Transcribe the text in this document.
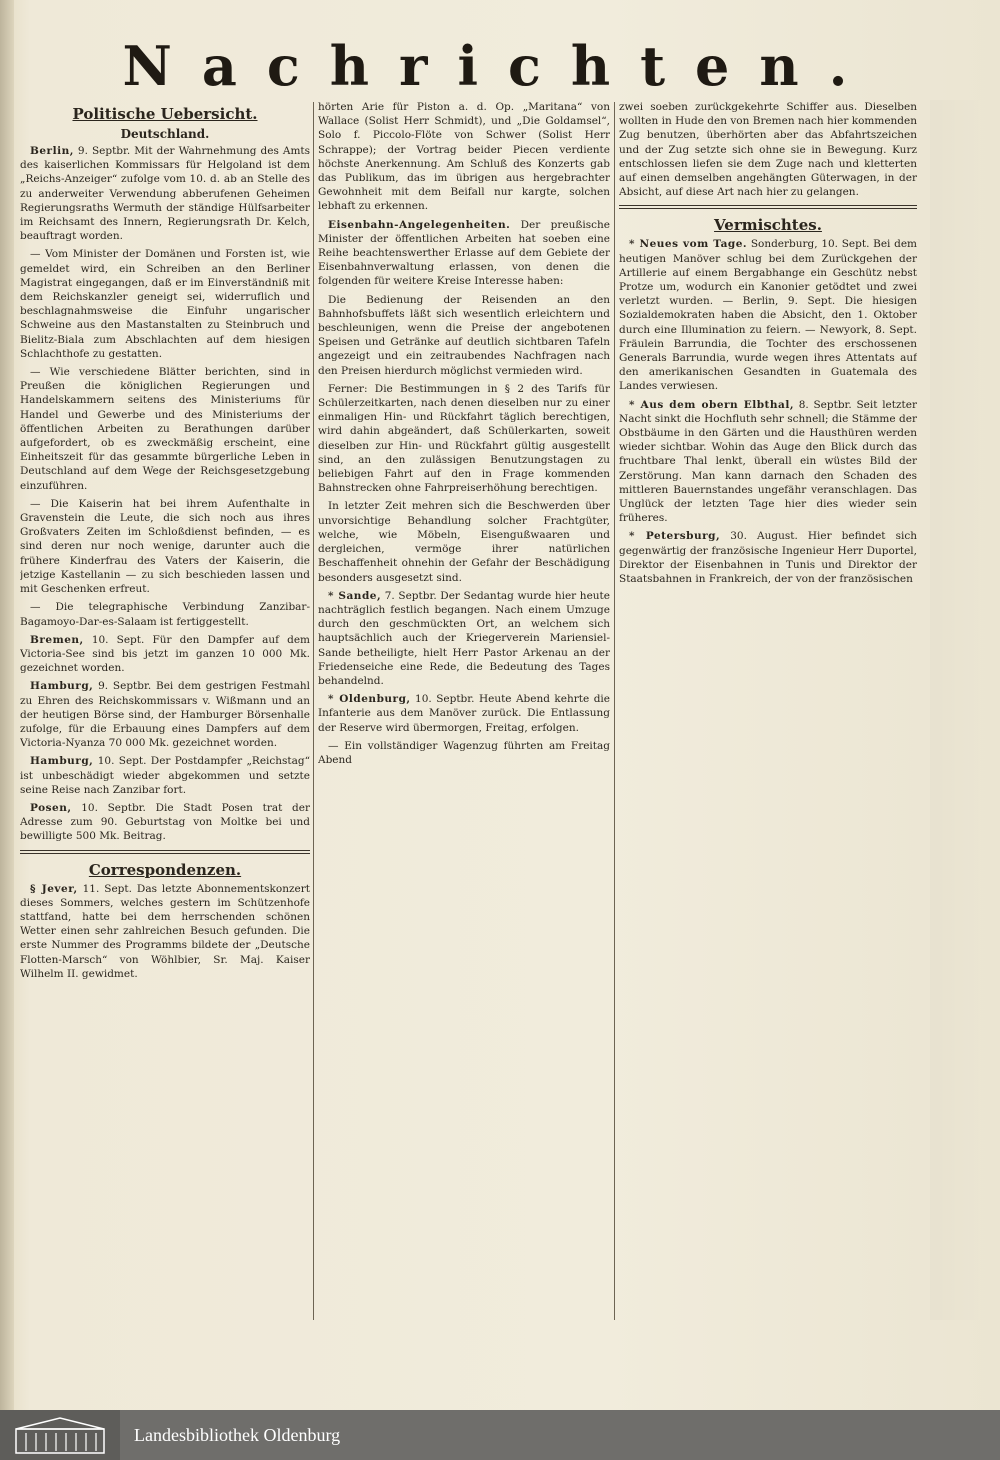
Nachrichten.
Politische Uebersicht.
Deutschland.
Berlin, 9. Septbr. Mit der Wahrnehmung des Amts des kaiserlichen Kommissars für Helgoland ist dem „Reichs-Anzeiger“ zufolge vom 10. d. ab an Stelle des zu anderweiter Verwendung abberufenen Geheimen Regierungsraths Wermuth der ständige Hülfsarbeiter im Reichsamt des Innern, Regierungsrath Dr. Kelch, beauftragt worden.
— Vom Minister der Domänen und Forsten ist, wie gemeldet wird, ein Schreiben an den Berliner Magistrat eingegangen, daß er im Einverständniß mit dem Reichskanzler geneigt sei, widerruflich und beschlagnahmsweise die Einfuhr ungarischer Schweine aus den Mastanstalten zu Steinbruch und Bielitz-Biala zum Abschlachten auf dem hiesigen Schlachthofe zu gestatten.
— Wie verschiedene Blätter berichten, sind in Preußen die königlichen Regierungen und Handelskammern seitens des Ministeriums für Handel und Gewerbe und des Ministeriums der öffentlichen Arbeiten zu Berathungen darüber aufgefordert, ob es zweckmäßig erscheint, eine Einheitszeit für das gesammte bürgerliche Leben in Deutschland auf dem Wege der Reichsgesetzgebung einzuführen.
— Die Kaiserin hat bei ihrem Aufenthalte in Gravenstein die Leute, die sich noch aus ihres Großvaters Zeiten im Schloßdienst befinden, — es sind deren nur noch wenige, darunter auch die frühere Kinderfrau des Vaters der Kaiserin, die jetzige Kastellanin — zu sich beschieden lassen und mit Geschenken erfreut.
— Die telegraphische Verbindung Zanzibar-Bagamoyo-Dar-es-Salaam ist fertiggestellt.
Bremen, 10. Sept. Für den Dampfer auf dem Victoria-See sind bis jetzt im ganzen 10 000 Mk. gezeichnet worden.
Hamburg, 9. Septbr. Bei dem gestrigen Festmahl zu Ehren des Reichskommissars v. Wißmann und an der heutigen Börse sind, der Hamburger Börsenhalle zufolge, für die Erbauung eines Dampfers auf dem Victoria-Nyanza 70 000 Mk. gezeichnet worden.
Hamburg, 10. Sept. Der Postdampfer „Reichstag“ ist unbeschädigt wieder abgekommen und setzte seine Reise nach Zanzibar fort.
Posen, 10. Septbr. Die Stadt Posen trat der Adresse zum 90. Geburtstag von Moltke bei und bewilligte 500 Mk. Beitrag.
Correspondenzen.
§ Jever, 11. Sept. Das letzte Abonnementskonzert dieses Sommers, welches gestern im Schützenhofe stattfand, hatte bei dem herrschenden schönen Wetter einen sehr zahlreichen Besuch gefunden. Die erste Nummer des Programms bildete der „Deutsche Flotten-Marsch“ von Wöhlbier, Sr. Maj. Kaiser Wilhelm II. gewidmet.
hörten Arie für Piston a. d. Op. „Maritana“ von Wallace (Solist Herr Schmidt), und „Die Goldamsel“, Solo f. Piccolo-Flöte von Schwer (Solist Herr Schrappe); der Vortrag beider Piecen verdiente höchste Anerkennung. Am Schluß des Konzerts gab das Publikum, das im übrigen aus hergebrachter Gewohnheit mit dem Beifall nur kargte, solchen lebhaft zu erkennen.
Eisenbahn-Angelegenheiten. Der preußische Minister der öffentlichen Arbeiten hat soeben eine Reihe beachtenswerther Erlasse auf dem Gebiete der Eisenbahnverwaltung erlassen, von denen die folgenden für weitere Kreise Interesse haben:
Die Bedienung der Reisenden an den Bahnhofsbuffets läßt sich wesentlich erleichtern und beschleunigen, wenn die Preise der angebotenen Speisen und Getränke auf deutlich sichtbaren Tafeln angezeigt und ein zeitraubendes Nachfragen nach den Preisen hierdurch möglichst vermieden wird.
Ferner: Die Bestimmungen in § 2 des Tarifs für Schülerzeitkarten, nach denen dieselben nur zu einer einmaligen Hin- und Rückfahrt täglich berechtigen, wird dahin abgeändert, daß Schülerkarten, soweit dieselben zur Hin- und Rückfahrt gültig ausgestellt sind, an den zulässigen Benutzungstagen zu beliebigen Fahrt auf den in Frage kommenden Bahnstrecken ohne Fahrpreiserhöhung berechtigen.
In letzter Zeit mehren sich die Beschwerden über unvorsichtige Behandlung solcher Frachtgüter, welche, wie Möbeln, Eisengußwaaren und dergleichen, vermöge ihrer natürlichen Beschaffenheit ohnehin der Gefahr der Beschädigung besonders ausgesetzt sind.
* Sande, 7. Septbr. Der Sedantag wurde hier heute nachträglich festlich begangen. Nach einem Umzuge durch den geschmückten Ort, an welchem sich hauptsächlich auch der Kriegerverein Mariensiel-Sande betheiligte, hielt Herr Pastor Arkenau an der Friedenseiche eine Rede, die Bedeutung des Tages behandelnd.
* Oldenburg, 10. Septbr. Heute Abend kehrte die Infanterie aus dem Manöver zurück. Die Entlassung der Reserve wird übermorgen, Freitag, erfolgen.
— Ein vollständiger Wagenzug führten am Freitag Abend
zwei soeben zurückgekehrte Schiffer aus. Dieselben wollten in Hude den von Bremen nach hier kommenden Zug benutzen, überhörten aber das Abfahrtszeichen und der Zug setzte sich ohne sie in Bewegung. Kurz entschlossen liefen sie dem Zuge nach und kletterten auf einen demselben angehängten Güterwagen, in der Absicht, auf diese Art nach hier zu gelangen.
Vermischtes.
* Neues vom Tage. Sonderburg, 10. Sept. Bei dem heutigen Manöver schlug bei dem Zurückgehen der Artillerie auf einem Bergabhange ein Geschütz nebst Protze um, wodurch ein Kanonier getödtet und zwei verletzt wurden. — Berlin, 9. Sept. Die hiesigen Sozialdemokraten haben die Absicht, den 1. Oktober durch eine Illumination zu feiern. — Newyork, 8. Sept. Fräulein Barrundia, die Tochter des erschossenen Generals Barrundia, wurde wegen ihres Attentats auf den amerikanischen Gesandten in Guatemala des Landes verwiesen.
* Aus dem obern Elbthal, 8. Septbr. Seit letzter Nacht sinkt die Hochfluth sehr schnell; die Stämme der Obstbäume in den Gärten und die Hausthüren werden wieder sichtbar. Wohin das Auge den Blick durch das fruchtbare Thal lenkt, überall ein wüstes Bild der Zerstörung. Man kann darnach den Schaden des mittleren Bauernstandes ungefähr veranschlagen. Das Unglück der letzten Tage hier dies wieder sein früheres.
* Petersburg, 30. August. Hier befindet sich gegenwärtig der französische Ingenieur Herr Duportel, Direktor der Eisenbahnen in Tunis und Direktor der Staatsbahnen in Frankreich, der von der französischen
Landesbibliothek Oldenburg
